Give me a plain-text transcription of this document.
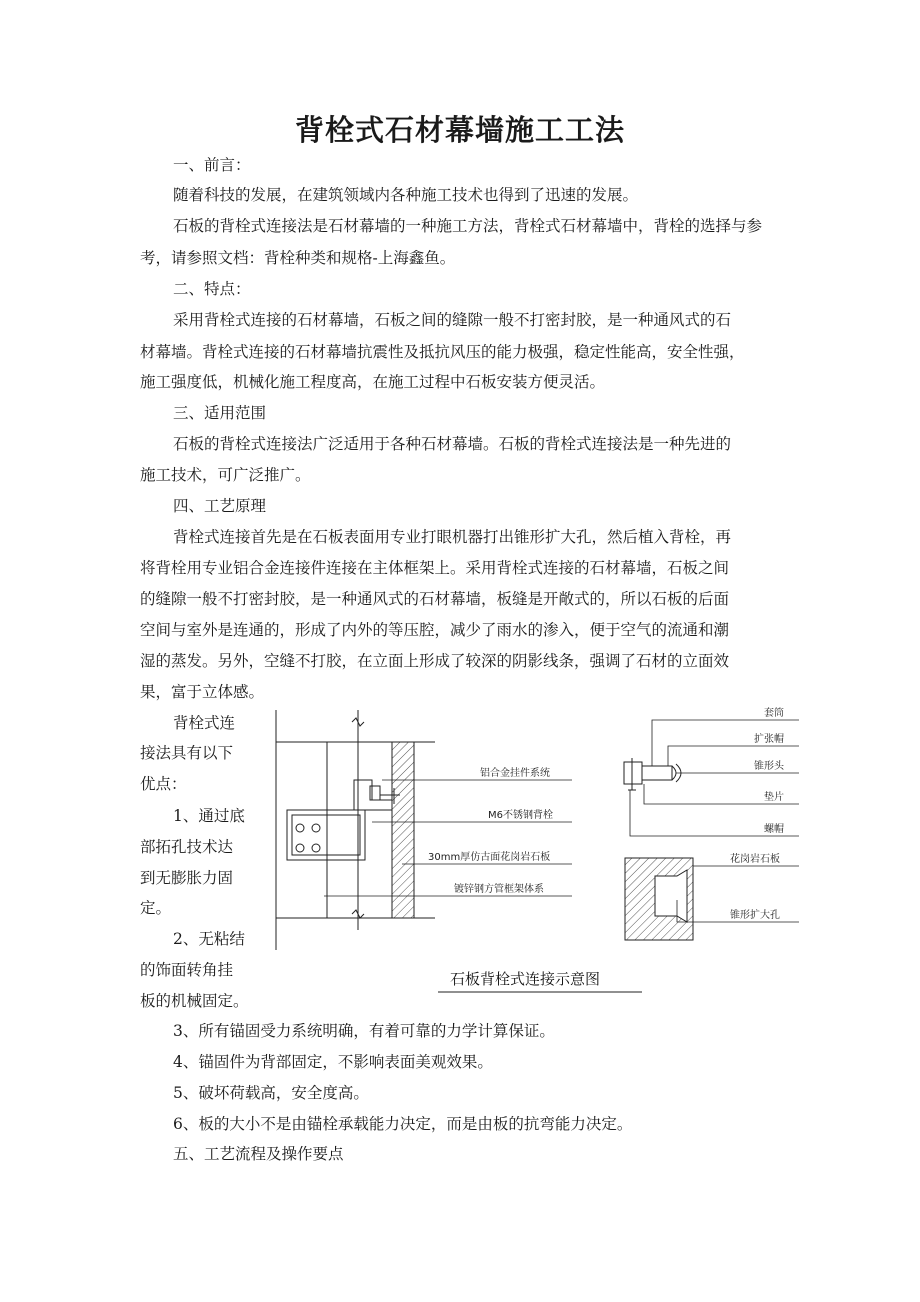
背栓式石材幕墙施工工法
一、前言：
随着科技的发展，在建筑领域内各种施工技术也得到了迅速的发展。
石板的背栓式连接法是石材幕墙的一种施工方法，背栓式石材幕墙中，背栓的选择与参
考，请参照文档：背栓种类和规格-上海鑫鱼。
二、特点：
采用背栓式连接的石材幕墙，石板之间的缝隙一般不打密封胶，是一种通风式的石
材幕墙。背栓式连接的石材幕墙抗震性及抵抗风压的能力极强，稳定性能高，安全性强，
施工强度低，机械化施工程度高，在施工过程中石板安装方便灵活。
三、适用范围
石板的背栓式连接法广泛适用于各种石材幕墙。石板的背栓式连接法是一种先进的
施工技术，可广泛推广。
四、工艺原理
背栓式连接首先是在石板表面用专业打眼机器打出锥形扩大孔，然后植入背栓，再
将背栓用专业铝合金连接件连接在主体框架上。采用背栓式连接的石材幕墙，石板之间
的缝隙一般不打密封胶，是一种通风式的石材幕墙，板缝是开敞式的，所以石板的后面
空间与室外是连通的，形成了内外的等压腔，减少了雨水的渗入，便于空气的流通和潮
湿的蒸发。另外，空缝不打胶，在立面上形成了较深的阴影线条，强调了石材的立面效
果，富于立体感。
背栓式连
接法具有以下
优点：
1、通过底
部拓孔技术达
到无膨胀力固
定。
2、无粘结
的饰面转角挂
板的机械固定。
3、所有锚固受力系统明确，有着可靠的力学计算保证。
4、锚固件为背部固定，不影响表面美观效果。
5、破坏荷载高，安全度高。
6、板的大小不是由锚栓承载能力决定，而是由板的抗弯能力决定。
五、工艺流程及操作要点
铝合金挂件系统
M6不锈钢背栓
30mm厚仿古面花岗岩石板
镀锌钢方管框架体系
套筒
扩张帽
锥形头
垫片
螺帽
花岗岩石板
锥形扩大孔
石板背栓式连接示意图
